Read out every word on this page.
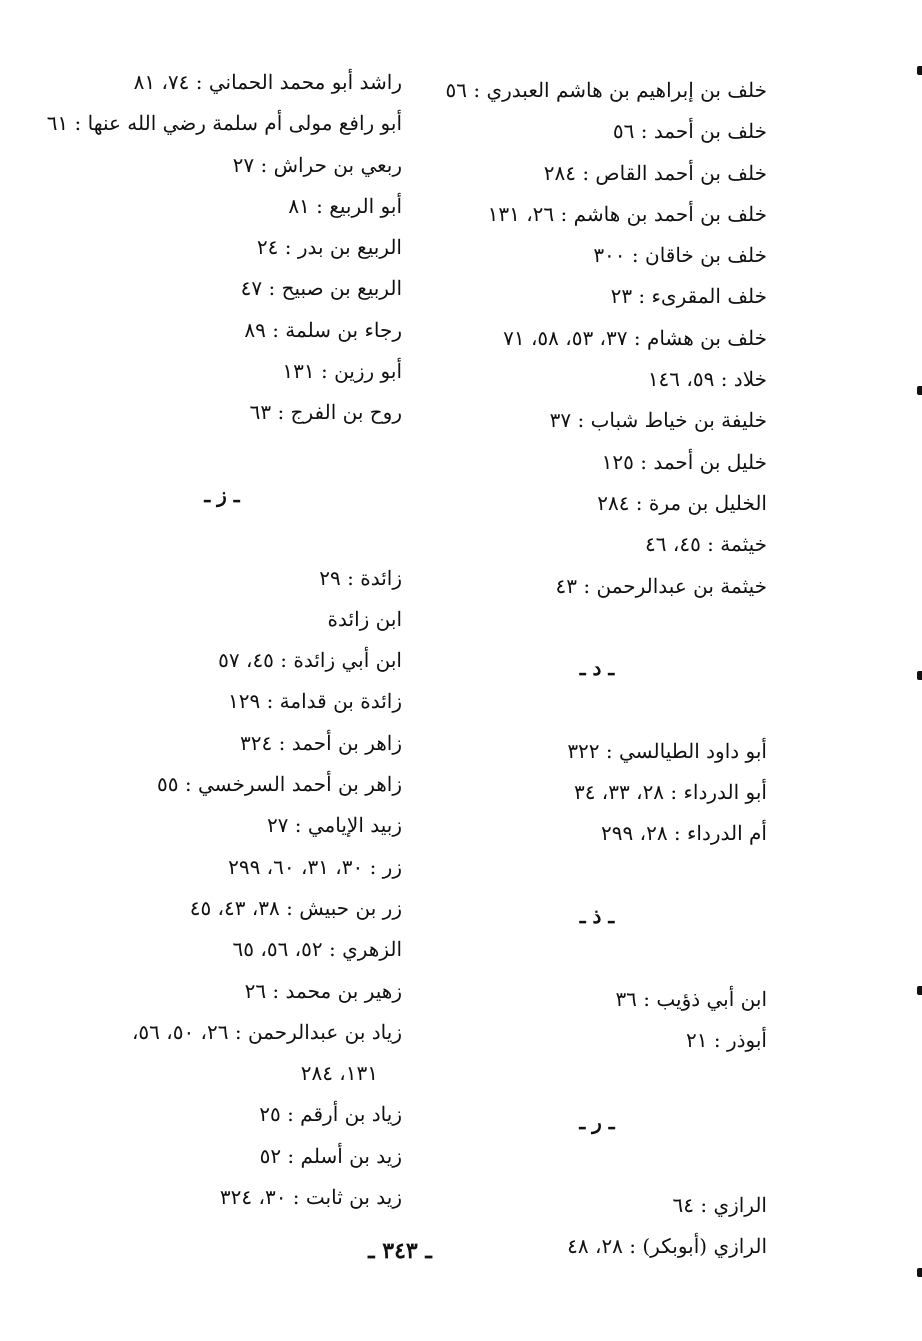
خلف بن إبراهيم بن هاشم العبدري : ٥٦
خلف بن أحمد : ٥٦
خلف بن أحمد القاص : ٢٨٤
خلف بن أحمد بن هاشم : ٢٦، ١٣١
خلف بن خاقان : ٣٠٠
خلف المقرىء : ٢٣
خلف بن هشام : ٣٧، ٥٣، ٥٨، ٧١
خلاد : ٥٩، ١٤٦
خليفة بن خياط شباب : ٣٧
خليل بن أحمد : ١٢٥
الخليل بن مرة : ٢٨٤
خيثمة : ٤٥، ٤٦
خيثمة بن عبدالرحمن : ٤٣
ـ د ـ
أبو داود الطيالسي : ٣٢٢
أبو الدرداء : ٢٨، ٣٣، ٣٤
أم الدرداء : ٢٨، ٢٩٩
ـ ذ ـ
ابن أبي ذؤيب : ٣٦
أبوذر : ٢١
ـ ر ـ
الرازي : ٦٤
الرازي (أبوبكر) : ٢٨، ٤٨
راشد أبو محمد الحماني : ٧٤، ٨١
أبو رافع مولى أم سلمة رضي الله عنها : ٦١
ربعي بن حراش : ٢٧
أبو الربيع : ٨١
الربيع بن بدر : ٢٤
الربيع بن صبيح : ٤٧
رجاء بن سلمة : ٨٩
أبو رزين : ١٣١
روح بن الفرج : ٦٣
ـ ز ـ
زائدة : ٢٩
ابن زائدة
ابن أبي زائدة : ٤٥، ٥٧
زائدة بن قدامة : ١٢٩
زاهر بن أحمد : ٣٢٤
زاهر بن أحمد السرخسي : ٥٥
زبيد الإيامي : ٢٧
زر : ٣٠، ٣١، ٦٠، ٢٩٩
زر بن حبيش : ٣٨، ٤٣، ٤٥
الزهري : ٥٢، ٥٦، ٦٥
زهير بن محمد : ٢٦
زياد بن عبدالرحمن : ٢٦، ٥٠، ٥٦،
١٣١، ٢٨٤
زياد بن أرقم : ٢٥
زيد بن أسلم : ٥٢
زيد بن ثابت : ٣٠، ٣٢٤
ـ ٣٤٣ ـ
